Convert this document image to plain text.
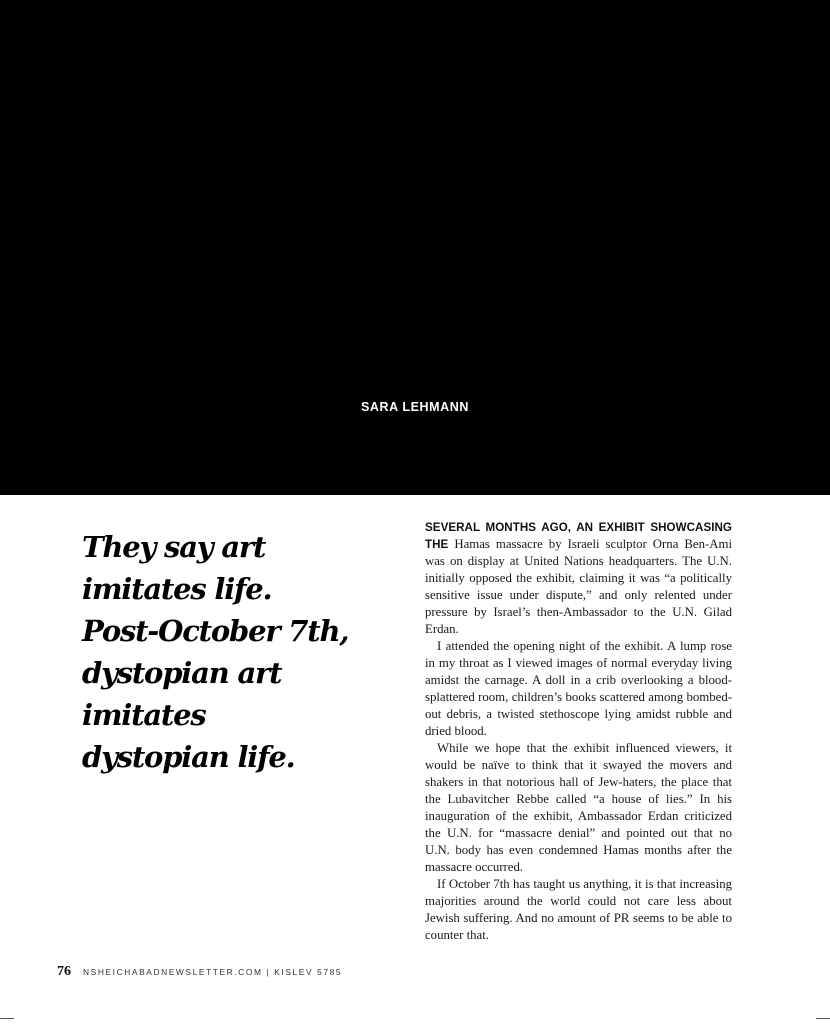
SARA LEHMANN
They say art
imitates life.
Post-October 7th,
dystopian art
imitates
dystopian life.

SEVERAL MONTHS AGO, AN EXHIBIT SHOWCASING THE Hamas massacre by Israeli sculptor Orna Ben-Ami was on display at United Nations headquarters. The U.N. initially opposed the exhibit, claiming it was “a politically sensitive issue under dispute,” and only relented under pressure by Israel’s then-Ambassador to the U.N. Gilad Erdan.

I attended the opening night of the exhibit. A lump rose in my throat as I viewed images of normal everyday living amidst the carnage. A doll in a crib overlooking a blood-splattered room, children’s books scattered among bombed-out debris, a twisted stethoscope lying amidst rubble and dried blood.

While we hope that the exhibit influenced viewers, it would be naïve to think that it swayed the movers and shakers in that notorious hall of Jew-haters, the place that the Lubavitcher Rebbe called “a house of lies.” In his inauguration of the exhibit, Ambassador Erdan criticized the U.N. for “massacre denial” and pointed out that no U.N. body has even condemned Hamas months after the massacre occurred.

If October 7th has taught us anything, it is that increasing majorities around the world could not care less about Jewish suffering. And no amount of PR seems to be able to counter that.

76 NSHEICHABADNEWSLETTER.COM | KISLEV 5785
